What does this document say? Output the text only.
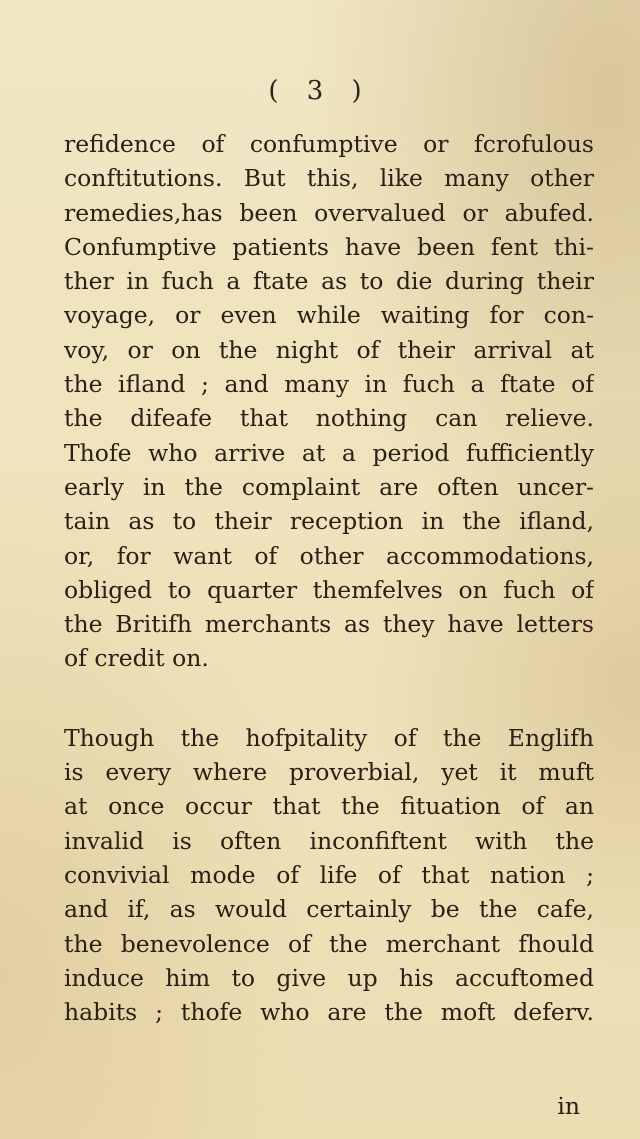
( 3 )
refidence of confumptive or fcrofulous
conftitutions. But this, like many other
remedies,has been overvalued or abufed.
Confumptive patients have been fent thi-
ther in fuch a ftate as to die during their
voyage, or even while waiting for con-
voy, or on the night of their arrival at
the ifland ; and many in fuch a ftate of
the difeafe that nothing can relieve.
Thofe who arrive at a period fufficiently
early in the complaint are often uncer-
tain as to their reception in the ifland,
or, for want of other accommodations,
obliged to quarter themfelves on fuch of
the Britifh merchants as they have letters
of credit on.
Though the hofpitality of the Englifh
is every where proverbial, yet it muft
at once occur that the fituation of an
invalid is often inconfiftent with the
convivial mode of life of that nation ;
and if, as would certainly be the cafe,
the benevolence of the merchant fhould
induce him to give up his accuftomed
habits ; thofe who are the moft deferv.
in
